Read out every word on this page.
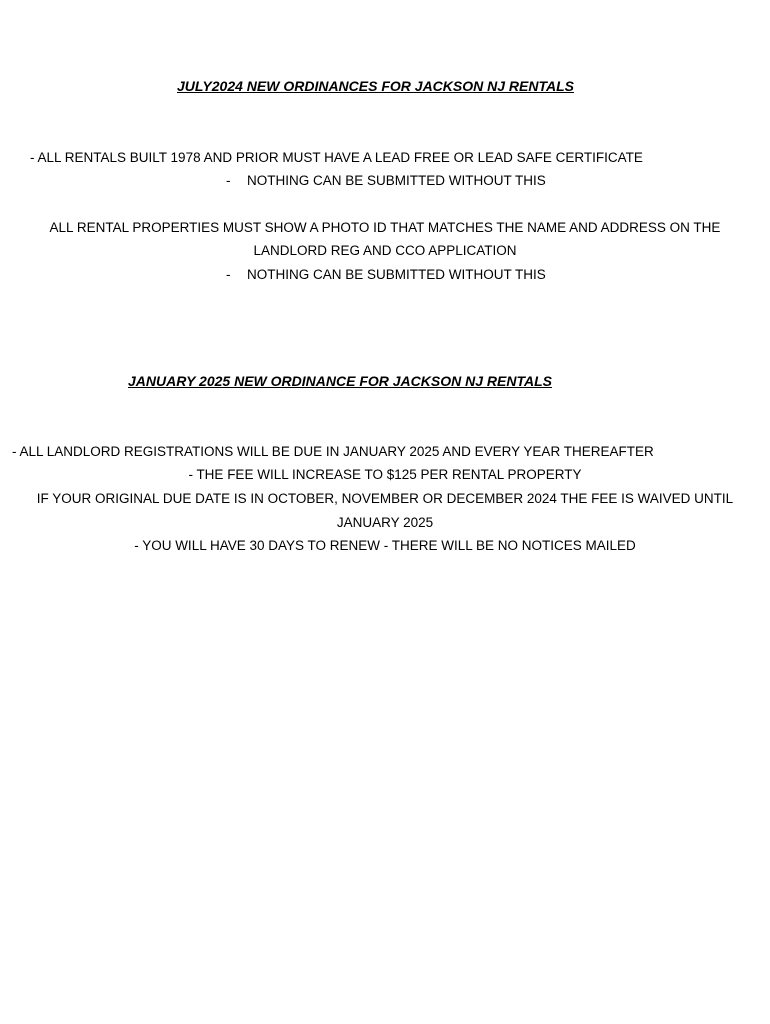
JULY2024 NEW ORDINANCES FOR JACKSON NJ RENTALS
- ALL RENTALS BUILT 1978 AND PRIOR MUST HAVE A LEAD FREE OR LEAD SAFE CERTIFICATE
- NOTHING CAN BE SUBMITTED WITHOUT THIS
ALL RENTAL PROPERTIES MUST SHOW A PHOTO ID THAT MATCHES THE NAME AND ADDRESS ON THE
LANDLORD REG AND CCO APPLICATION
- NOTHING CAN BE SUBMITTED WITHOUT THIS
JANUARY 2025 NEW ORDINANCE FOR JACKSON NJ RENTALS
- ALL LANDLORD REGISTRATIONS WILL BE DUE IN JANUARY 2025 AND EVERY YEAR THEREAFTER
- THE FEE WILL INCREASE TO $125 PER RENTAL PROPERTY
IF YOUR ORIGINAL DUE DATE IS IN OCTOBER, NOVEMBER OR DECEMBER 2024 THE FEE IS WAIVED UNTIL
JANUARY 2025
- YOU WILL HAVE 30 DAYS TO RENEW - THERE WILL BE NO NOTICES MAILED
